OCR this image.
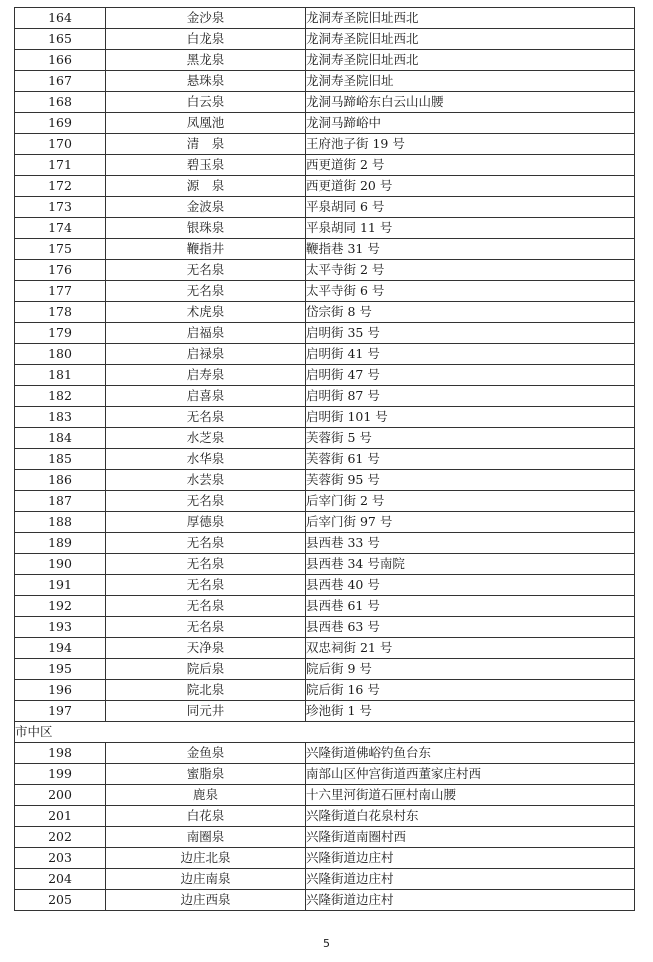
164	金沙泉	龙洞寿圣院旧址西北
165	白龙泉	龙洞寿圣院旧址西北
166	黑龙泉	龙洞寿圣院旧址西北
167	悬珠泉	龙洞寿圣院旧址
168	白云泉	龙洞马蹄峪东白云山山腰
169	凤凰池	龙洞马蹄峪中
170	清　泉	王府池子街 19 号
171	碧玉泉	西更道街 2 号
172	源　泉	西更道街 20 号
173	金波泉	平泉胡同 6 号
174	银珠泉	平泉胡同 11 号
175	鞭指井	鞭指巷 31 号
176	无名泉	太平寺街 2 号
177	无名泉	太平寺街 6 号
178	术虎泉	岱宗街 8 号
179	启福泉	启明街 35 号
180	启禄泉	启明街 41 号
181	启寿泉	启明街 47 号
182	启喜泉	启明街 87 号
183	无名泉	启明街 101 号
184	水芝泉	芙蓉街 5 号
185	水华泉	芙蓉街 61 号
186	水芸泉	芙蓉街 95 号
187	无名泉	后宰门街 2 号
188	厚德泉	后宰门街 97 号
189	无名泉	县西巷 33 号
190	无名泉	县西巷 34 号南院
191	无名泉	县西巷 40 号
192	无名泉	县西巷 61 号
193	无名泉	县西巷 63 号
194	天净泉	双忠祠街 21 号
195	院后泉	院后街 9 号
196	院北泉	院后街 16 号
197	同元井	珍池街 1 号
市中区		
198	金鱼泉	兴隆街道佛峪钓鱼台东
199	蜜脂泉	南部山区仲宫街道西董家庄村西
200	鹿泉	十六里河街道石匣村南山腰
201	白花泉	兴隆街道白花泉村东
202	南圈泉	兴隆街道南圈村西
203	边庄北泉	兴隆街道边庄村
204	边庄南泉	兴隆街道边庄村
205	边庄西泉	兴隆街道边庄村
5
